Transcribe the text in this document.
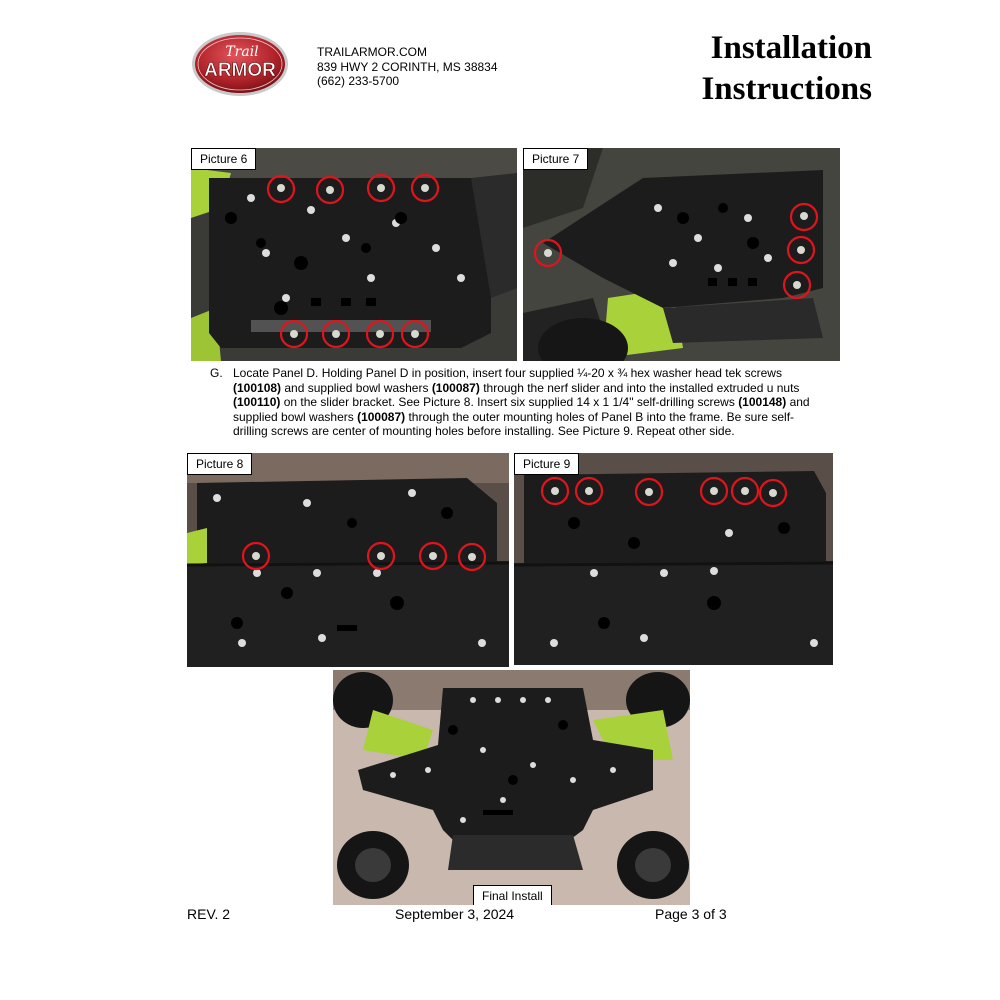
Trail
ARMOR
TRAILARMOR.COM
839 HWY 2 CORINTH, MS 38834
(662) 233-5700
Installation
Instructions
Picture 6	Picture 7
G. Locate Panel D. Holding Panel D in position, insert four supplied ¼-20 x ¾ hex washer head tek screws (100108) and supplied bowl washers (100087) through the nerf slider and into the installed extruded u nuts (100110) on the slider bracket. See Picture 8. Insert six supplied 14 x 1 1/4" self-drilling screws (100148) and supplied bowl washers (100087) through the outer mounting holes of Panel B into the frame. Be sure self-drilling screws are center of mounting holes before installing. See Picture 9. Repeat other side.
Picture 8	Picture 9
Final Install
REV. 2	September 3, 2024	Page 3 of 3
